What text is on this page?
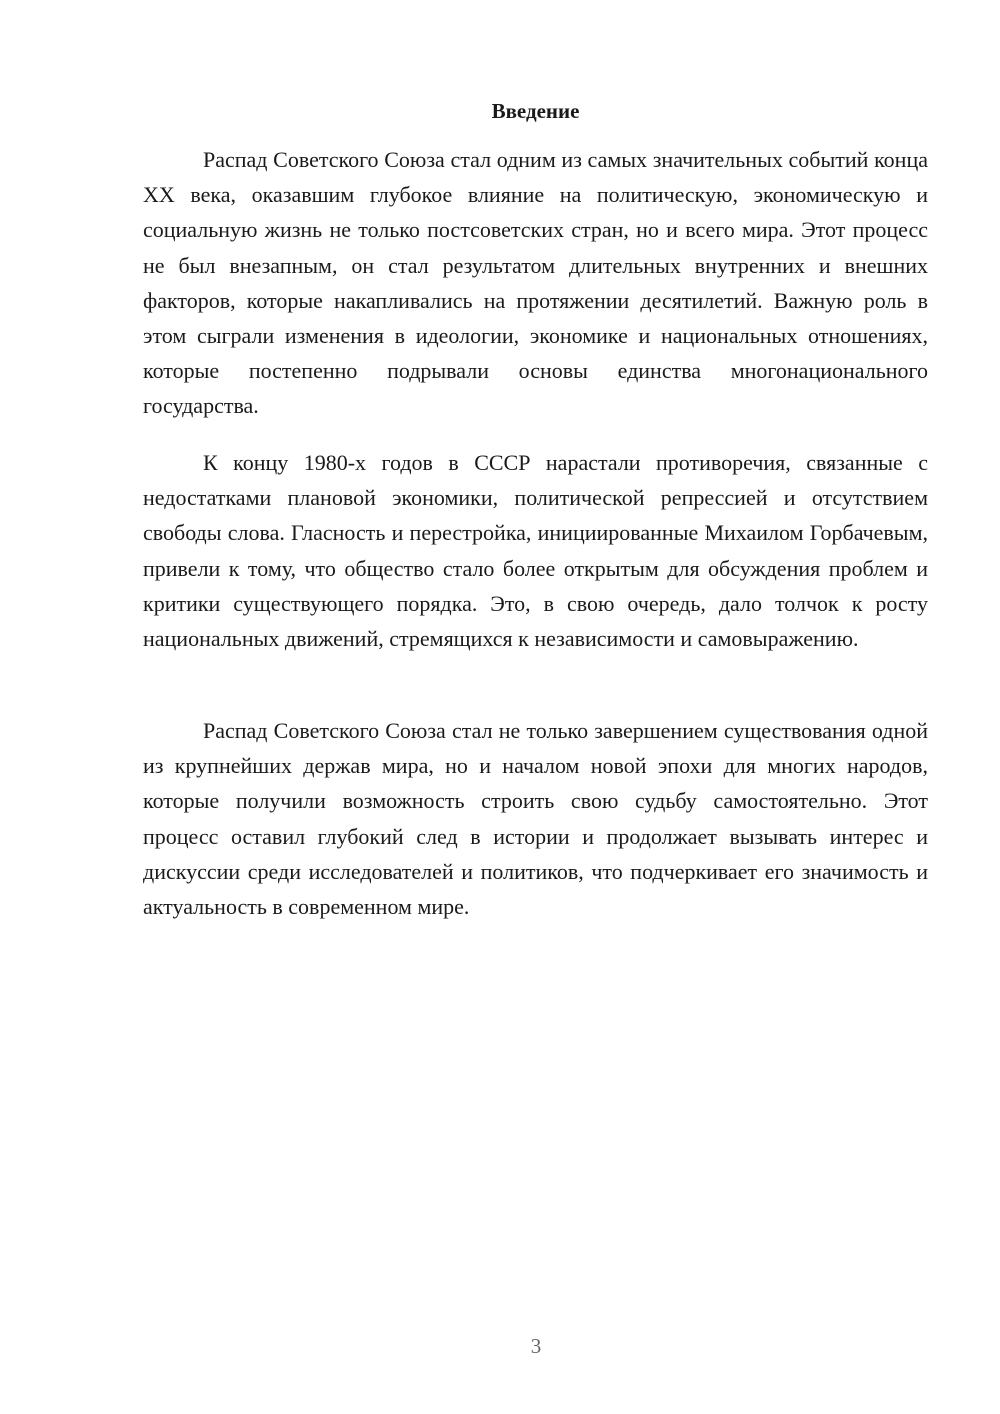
Введение

Распад Советского Союза стал одним из самых значительных событий конца XX века, оказавшим глубокое влияние на политическую, экономическую и социальную жизнь не только постсоветских стран, но и всего мира. Этот процесс не был внезапным, он стал результатом длительных внутренних и внешних факторов, которые накапливались на протяжении десятилетий. Важную роль в этом сыграли изменения в идеологии, экономике и национальных отношениях, которые постепенно подрывали основы единства многонационального государства.

К концу 1980-х годов в СССР нарастали противоречия, связанные с недостатками плановой экономики, политической репрессией и отсутствием свободы слова. Гласность и перестройка, инициированные Михаилом Горбачевым, привели к тому, что общество стало более открытым для обсуждения проблем и критики существующего порядка. Это, в свою очередь, дало толчок к росту национальных движений, стремящихся к независимости и самовыражению.

Распад Советского Союза стал не только завершением существования одной из крупнейших держав мира, но и началом новой эпохи для многих народов, которые получили возможность строить свою судьбу самостоятельно. Этот процесс оставил глубокий след в истории и продолжает вызывать интерес и дискуссии среди исследователей и политиков, что подчеркивает его значимость и актуальность в современном мире.

3
